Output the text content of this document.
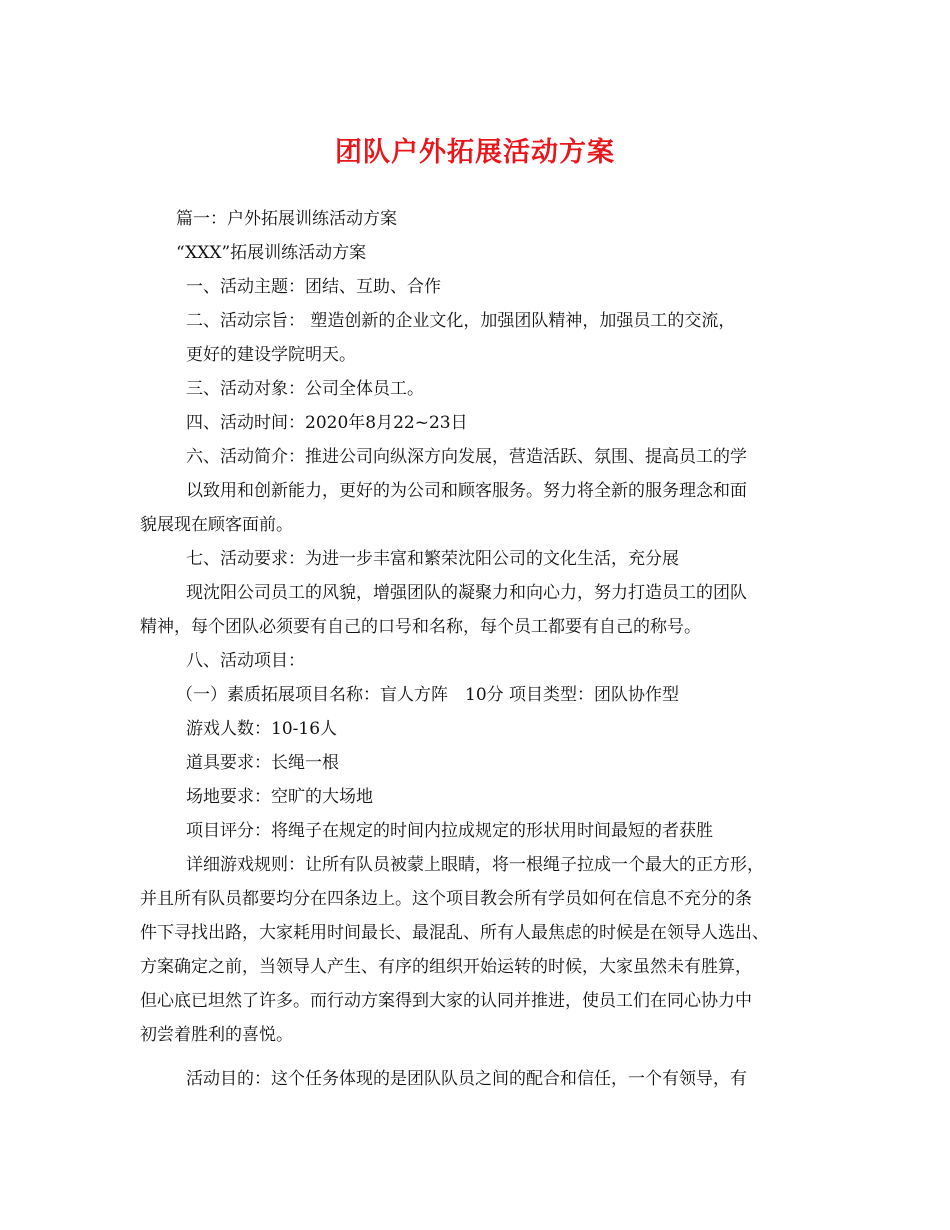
团队户外拓展活动方案
篇一：户外拓展训练活动方案
“XXX”拓展训练活动方案
一、活动主题：团结、互助、合作
二、活动宗旨： 塑造创新的企业文化，加强团队精神，加强员工的交流，
更好的建设学院明天。
三、活动对象：公司全体员工。
四、活动时间：2020年8月22~23日
六、活动简介：推进公司向纵深方向发展，营造活跃、氛围、提高员工的学
以致用和创新能力，更好的为公司和顾客服务。努力将全新的服务理念和面
貌展现在顾客面前。
七、活动要求：为进一步丰富和繁荣沈阳公司的文化生活，充分展
现沈阳公司员工的风貌，增强团队的凝聚力和向心力，努力打造员工的团队
精神，每个团队必须要有自己的口号和名称，每个员工都要有自己的称号。
八、活动项目：
（一）素质拓展项目名称：盲人方阵　10分 项目类型：团队协作型
游戏人数：10-16人
道具要求：长绳一根
场地要求：空旷的大场地
项目评分：将绳子在规定的时间内拉成规定的形状用时间最短的者获胜
详细游戏规则：让所有队员被蒙上眼睛，将一根绳子拉成一个最大的正方形，
并且所有队员都要均分在四条边上。这个项目教会所有学员如何在信息不充分的条
件下寻找出路，大家耗用时间最长、最混乱、所有人最焦虑的时候是在领导人选出、
方案确定之前，当领导人产生、有序的组织开始运转的时候，大家虽然未有胜算，
但心底已坦然了许多。而行动方案得到大家的认同并推进，使员工们在同心协力中
初尝着胜利的喜悦。
活动目的：这个任务体现的是团队队员之间的配合和信任，一个有领导，有
